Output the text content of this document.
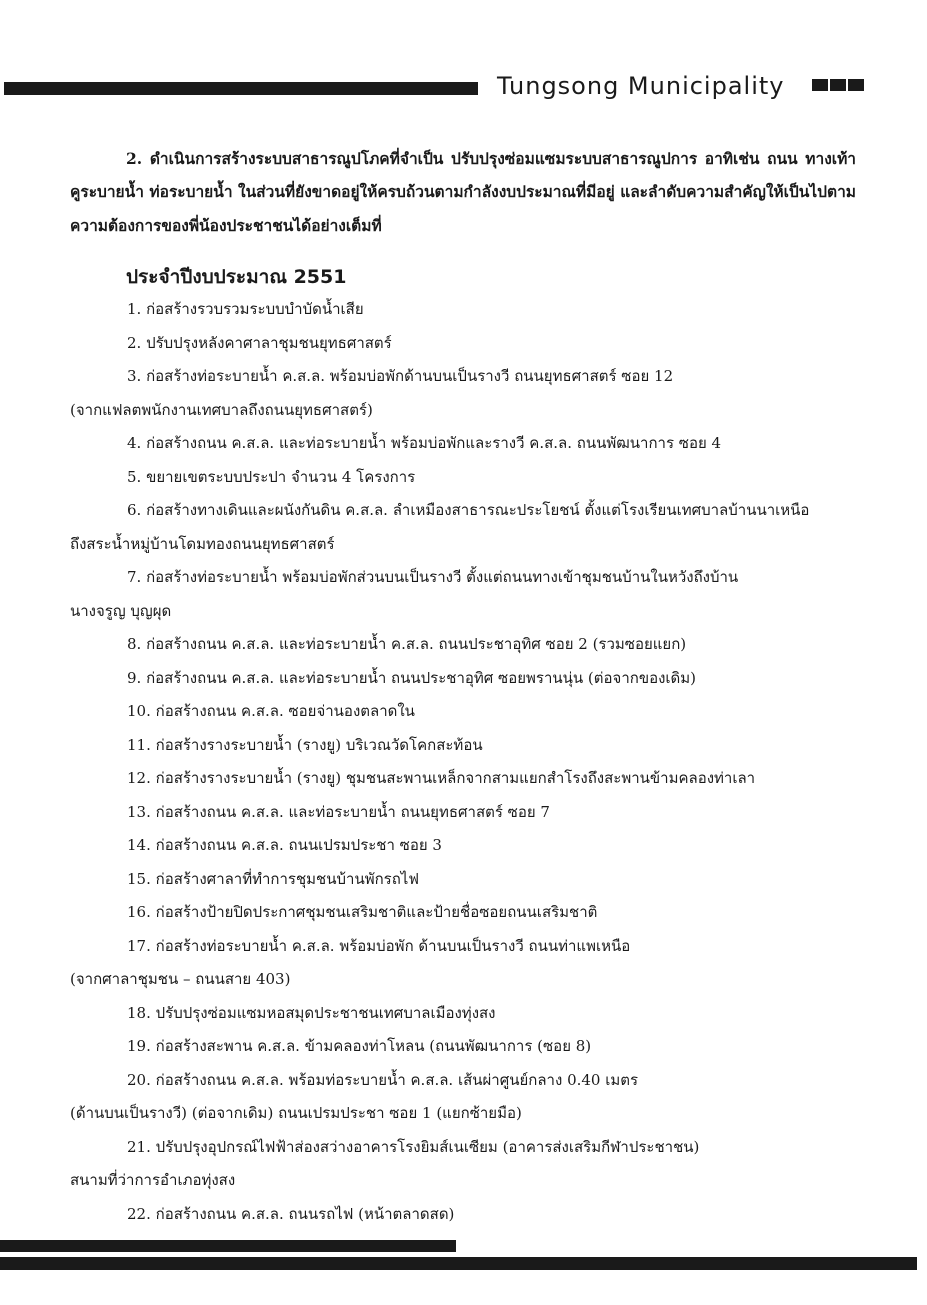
Tungsong Municipality

2. ดำเนินการสร้างระบบสาธารณูปโภคที่จำเป็น ปรับปรุงซ่อมแซมระบบสาธารณูปการ อาทิเช่น ถนน ทางเท้า คูระบายน้ำ ท่อระบายน้ำ ในส่วนที่ยังขาดอยู่ให้ครบถ้วนตามกำลังงบประมาณที่มีอยู่ และลำดับความสำคัญให้เป็นไปตามความต้องการของพี่น้องประชาชนได้อย่างเต็มที่

ประจำปีงบประมาณ 2551
1. ก่อสร้างรวบรวมระบบบำบัดน้ำเสีย
2. ปรับปรุงหลังคาศาลาชุมชนยุทธศาสตร์
3. ก่อสร้างท่อระบายน้ำ ค.ส.ล. พร้อมบ่อพักด้านบนเป็นรางวี ถนนยุทธศาสตร์ ซอย 12
(จากแฟลตพนักงานเทศบาลถึงถนนยุทธศาสตร์)
4. ก่อสร้างถนน ค.ส.ล. และท่อระบายน้ำ พร้อมบ่อพักและรางวี ค.ส.ล. ถนนพัฒนาการ ซอย 4
5. ขยายเขตระบบประปา จำนวน 4 โครงการ
6. ก่อสร้างทางเดินและผนังกันดิน ค.ส.ล. ลำเหมืองสาธารณะประโยชน์ ตั้งแต่โรงเรียนเทศบาลบ้านนาเหนือ
ถึงสระน้ำหมู่บ้านโดมทองถนนยุทธศาสตร์
7. ก่อสร้างท่อระบายน้ำ พร้อมบ่อพักส่วนบนเป็นรางวี ตั้งแต่ถนนทางเข้าชุมชนบ้านในหวังถึงบ้าน
นางจรูญ บุญผุด
8. ก่อสร้างถนน ค.ส.ล. และท่อระบายน้ำ ค.ส.ล. ถนนประชาอุทิศ ซอย 2 (รวมซอยแยก)
9. ก่อสร้างถนน ค.ส.ล. และท่อระบายน้ำ ถนนประชาอุทิศ ซอยพรานนุ่น (ต่อจากของเดิม)
10. ก่อสร้างถนน ค.ส.ล. ซอยจ่านองตลาดใน
11. ก่อสร้างรางระบายน้ำ (รางยู) บริเวณวัดโคกสะท้อน
12. ก่อสร้างรางระบายน้ำ (รางยู) ชุมชนสะพานเหล็กจากสามแยกสำโรงถึงสะพานข้ามคลองท่าเลา
13. ก่อสร้างถนน ค.ส.ล. และท่อระบายน้ำ ถนนยุทธศาสตร์ ซอย 7
14. ก่อสร้างถนน ค.ส.ล. ถนนเปรมประชา ซอย 3
15. ก่อสร้างศาลาที่ทำการชุมชนบ้านพักรถไฟ
16. ก่อสร้างป้ายปิดประกาศชุมชนเสริมชาติและป้ายชื่อซอยถนนเสริมชาติ
17. ก่อสร้างท่อระบายน้ำ ค.ส.ล. พร้อมบ่อพัก ด้านบนเป็นรางวี ถนนท่าแพเหนือ
(จากศาลาชุมชน – ถนนสาย 403)
18. ปรับปรุงซ่อมแซมหอสมุดประชาชนเทศบาลเมืองทุ่งสง
19. ก่อสร้างสะพาน ค.ส.ล. ข้ามคลองท่าโหลน (ถนนพัฒนาการ (ซอย 8)
20. ก่อสร้างถนน ค.ส.ล. พร้อมท่อระบายน้ำ ค.ส.ล. เส้นผ่าศูนย์กลาง 0.40 เมตร
(ด้านบนเป็นรางวี) (ต่อจากเดิม) ถนนเปรมประชา ซอย 1 (แยกซ้ายมือ)
21. ปรับปรุงอุปกรณ์ไฟฟ้าส่องสว่างอาคารโรงยิมส์เนเซียม (อาคารส่งเสริมกีฬาประชาชน)
สนามที่ว่าการอำเภอทุ่งสง
22. ก่อสร้างถนน ค.ส.ล. ถนนรถไฟ (หน้าตลาดสด)
